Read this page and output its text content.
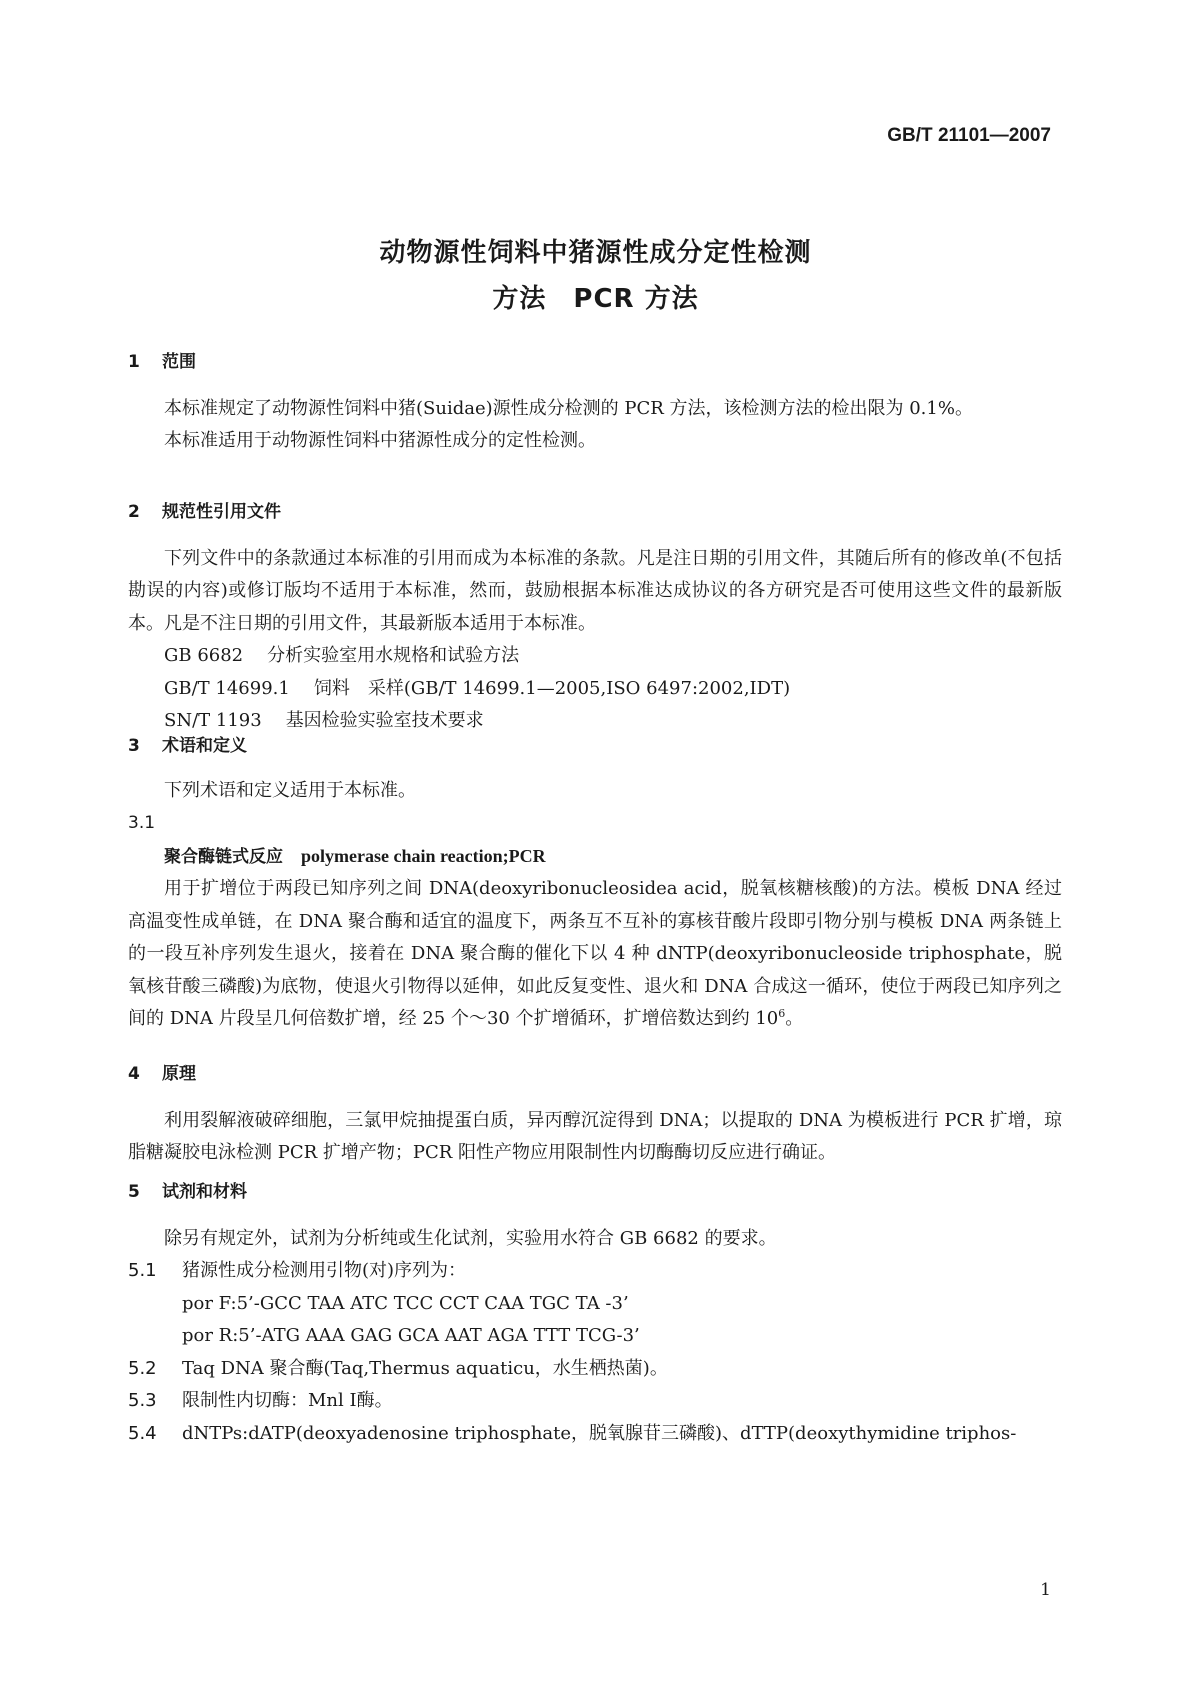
GB/T 21101—2007
动物源性饲料中猪源性成分定性检测
方法　PCR 方法
1 范围
本标准规定了动物源性饲料中猪(Suidae)源性成分检测的 PCR 方法，该检测方法的检出限为 0.1%。
本标准适用于动物源性饲料中猪源性成分的定性检测。
2 规范性引用文件
下列文件中的条款通过本标准的引用而成为本标准的条款。凡是注日期的引用文件，其随后所有的修改单(不包括勘误的内容)或修订版均不适用于本标准，然而，鼓励根据本标准达成协议的各方研究是否可使用这些文件的最新版本。凡是不注日期的引用文件，其最新版本适用于本标准。
GB 6682 分析实验室用水规格和试验方法
GB/T 14699.1 饲料　采样(GB/T 14699.1—2005,ISO 6497:2002,IDT)
SN/T 1193 基因检验实验室技术要求
3 术语和定义
下列术语和定义适用于本标准。
3.1
聚合酶链式反应 polymerase chain reaction;PCR
用于扩增位于两段已知序列之间 DNA(deoxyribonucleosidea acid，脱氧核糖核酸)的方法。模板 DNA 经过高温变性成单链，在 DNA 聚合酶和适宜的温度下，两条互不互补的寡核苷酸片段即引物分别与模板 DNA 两条链上的一段互补序列发生退火，接着在 DNA 聚合酶的催化下以 4 种 dNTP(deoxyribonucleoside triphosphate，脱氧核苷酸三磷酸)为底物，使退火引物得以延伸，如此反复变性、退火和 DNA 合成这一循环，使位于两段已知序列之间的 DNA 片段呈几何倍数扩增，经 25 个～30 个扩增循环，扩增倍数达到约 $10^6$。
4 原理
利用裂解液破碎细胞，三氯甲烷抽提蛋白质，异丙醇沉淀得到 DNA；以提取的 DNA 为模板进行 PCR 扩增，琼脂糖凝胶电泳检测 PCR 扩增产物；PCR 阳性产物应用限制性内切酶酶切反应进行确证。
5 试剂和材料
除另有规定外，试剂为分析纯或生化试剂，实验用水符合 GB 6682 的要求。
5.1 猪源性成分检测用引物(对)序列为：
por F:5’-GCC TAA ATC TCC CCT CAA TGC TA -3’
por R:5’-ATG AAA GAG GCA AAT AGA TTT TCG-3’
5.2 Taq DNA 聚合酶(Taq,Thermus aquaticu，水生栖热菌)。
5.3 限制性内切酶：Mnl Ⅰ酶。
5.4 dNTPs:dATP(deoxyadenosine triphosphate，脱氧腺苷三磷酸)、dTTP(deoxythymidine triphos-
1
